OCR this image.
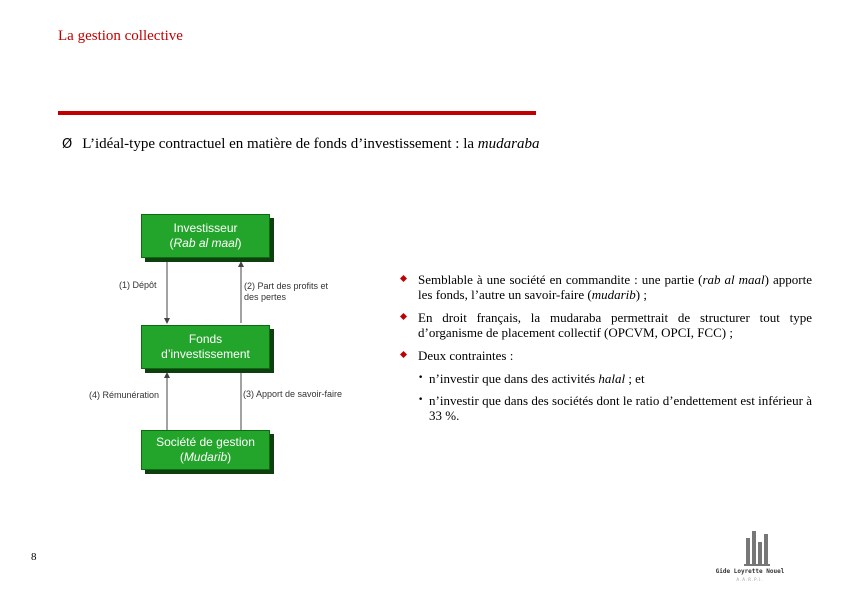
La gestion collective
Ø L’idéal-type contractuel en matière de fonds d’investissement : la mudaraba
Investisseur
(Rab al maal)
Fonds
d’investissement
Société de gestion
(Mudarib)
(1) Dépôt	(2) Part des profits et des pertes
(4) Rémunération	(3) Apport de savoir-faire
Semblable à une société en commandite : une partie (rab al maal) apporte les fonds, l’autre un savoir-faire (mudarib) ;
En droit français, la mudaraba permettrait de structurer tout type d’organisme de placement collectif (OPCVM, OPCI, FCC) ;
Deux contraintes :
• n’investir que dans des activités halal ; et
• n’investir que dans des sociétés dont le ratio d’endettement est inférieur à 33 %.
8
Gide Loyrette Nouel
A.A.R.P.I.
